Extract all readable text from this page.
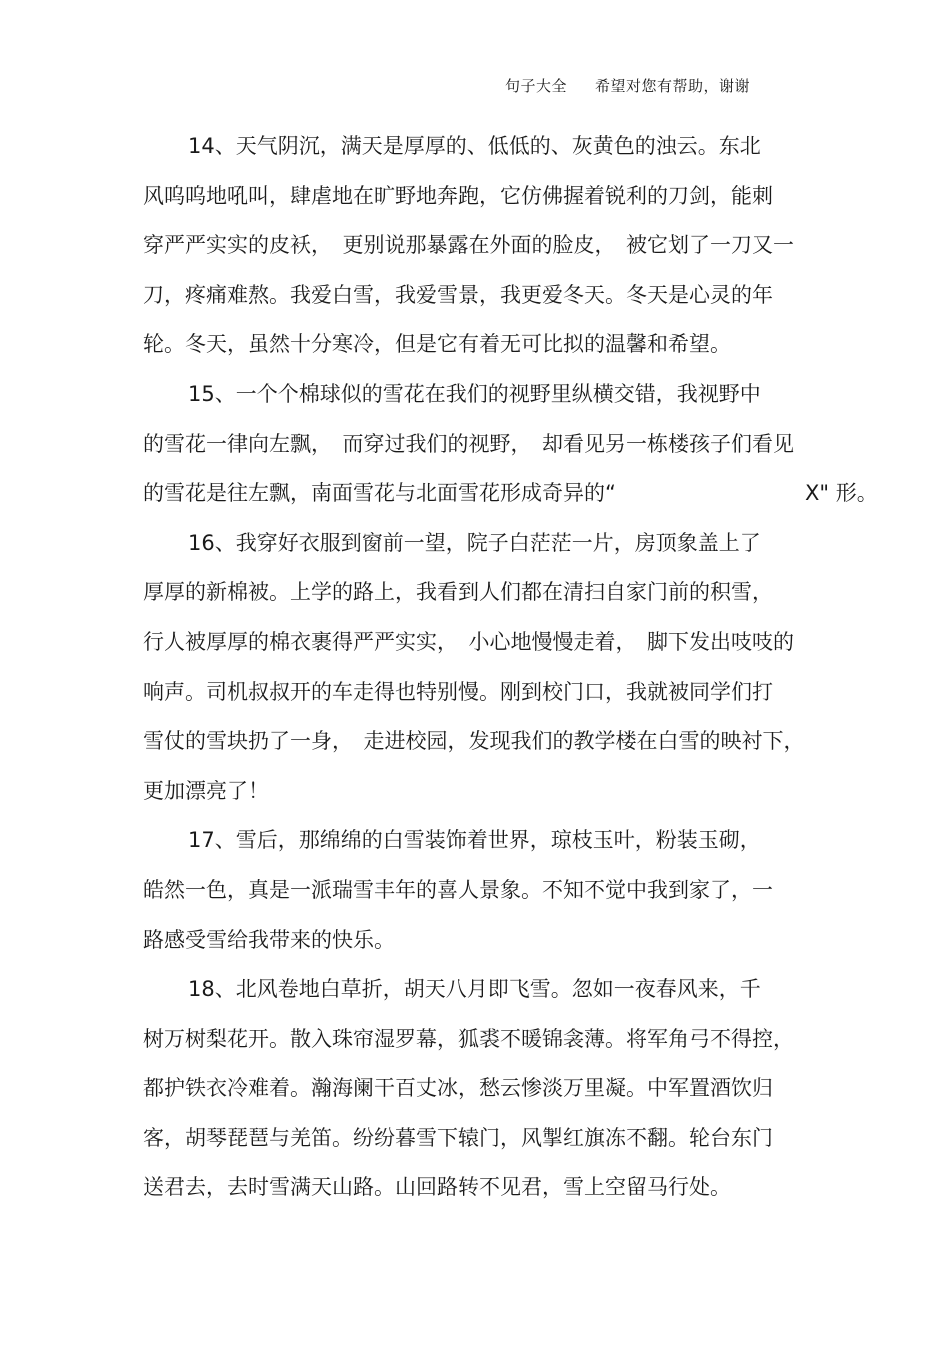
句子大全 希望对您有帮助，谢谢
14、天气阴沉，满天是厚厚的、低低的、灰黄色的浊云。东北
风呜呜地吼叫，肆虐地在旷野地奔跑，它仿佛握着锐利的刀剑，能刺
穿严严实实的皮袄，　更别说那暴露在外面的脸皮，　被它划了一刀又一
刀，疼痛难熬。我爱白雪，我爱雪景，我更爱冬天。冬天是心灵的年
轮。冬天，虽然十分寒冷，但是它有着无可比拟的温馨和希望。
15、一个个棉球似的雪花在我们的视野里纵横交错，我视野中
的雪花一律向左飘，　而穿过我们的视野，　却看见另一栋楼孩子们看见
的雪花是往左飘，南面雪花与北面雪花形成奇异的“	X" 形。
16、我穿好衣服到窗前一望，院子白茫茫一片，房顶象盖上了
厚厚的新棉被。上学的路上，我看到人们都在清扫自家门前的积雪，
行人被厚厚的棉衣裹得严严实实，　小心地慢慢走着，　脚下发出吱吱的
响声。司机叔叔开的车走得也特别慢。刚到校门口，我就被同学们打
雪仗的雪块扔了一身，　走进校园，发现我们的教学楼在白雪的映衬下，
更加漂亮了！
17、雪后，那绵绵的白雪装饰着世界，琼枝玉叶，粉装玉砌，
皓然一色，真是一派瑞雪丰年的喜人景象。不知不觉中我到家了，一
路感受雪给我带来的快乐。
18、北风卷地白草折，胡天八月即飞雪。忽如一夜春风来，千
树万树梨花开。散入珠帘湿罗幕，狐裘不暖锦衾薄。将军角弓不得控，
都护铁衣冷难着。瀚海阑干百丈冰，愁云惨淡万里凝。中军置酒饮归
客，胡琴琵琶与羌笛。纷纷暮雪下辕门，风掣红旗冻不翻。轮台东门
送君去，去时雪满天山路。山回路转不见君，雪上空留马行处。
